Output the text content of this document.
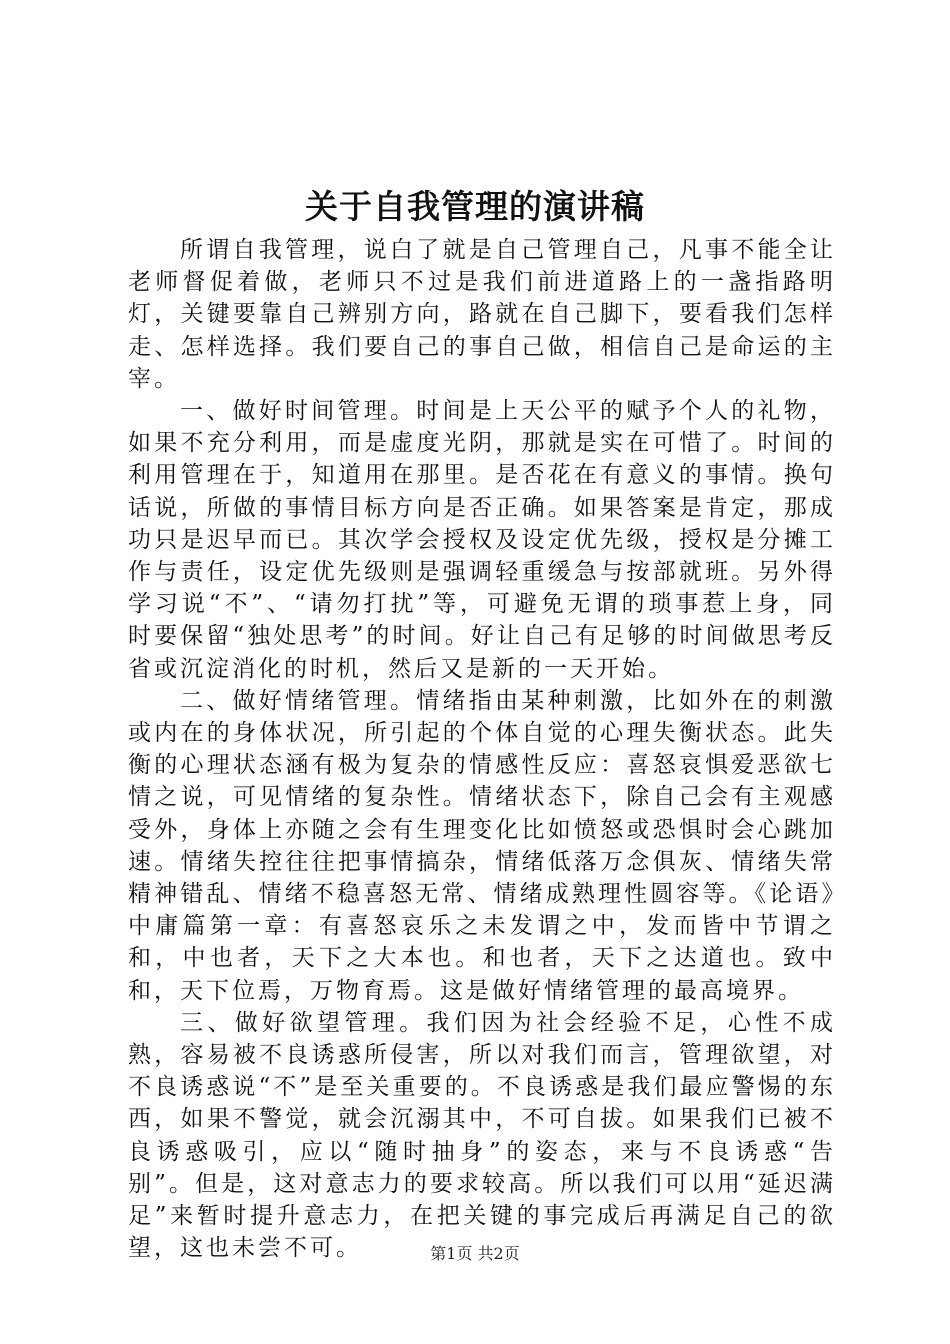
关于自我管理的演讲稿

所谓自我管理，说白了就是自己管理自己，凡事不能全让老师督促着做，老师只不过是我们前进道路上的一盏指路明灯，关键要靠自己辨别方向，路就在自己脚下，要看我们怎样走、怎样选择。我们要自己的事自己做，相信自己是命运的主宰。

一、做好时间管理。时间是上天公平的赋予个人的礼物，如果不充分利用，而是虚度光阴，那就是实在可惜了。时间的利用管理在于，知道用在那里。是否花在有意义的事情。换句话说，所做的事情目标方向是否正确。如果答案是肯定，那成功只是迟早而已。其次学会授权及设定优先级，授权是分摊工作与责任，设定优先级则是强调轻重缓急与按部就班。另外得学习说“不”、“请勿打扰”等，可避免无谓的琐事惹上身，同时要保留“独处思考”的时间。好让自己有足够的时间做思考反省或沉淀消化的时机，然后又是新的一天开始。

二、做好情绪管理。情绪指由某种刺激，比如外在的刺激或内在的身体状况，所引起的个体自觉的心理失衡状态。此失衡的心理状态涵有极为复杂的情感性反应：喜怒哀惧爱恶欲七情之说，可见情绪的复杂性。情绪状态下，除自己会有主观感受外，身体上亦随之会有生理变化比如愤怒或恐惧时会心跳加速。情绪失控往往把事情搞杂，情绪低落万念俱灰、情绪失常精神错乱、情绪不稳喜怒无常、情绪成熟理性圆容等。《论语》中庸篇第一章：有喜怒哀乐之未发谓之中，发而皆中节谓之和，中也者，天下之大本也。和也者，天下之达道也。致中和，天下位焉，万物育焉。这是做好情绪管理的最高境界。

三、做好欲望管理。我们因为社会经验不足，心性不成熟，容易被不良诱惑所侵害，所以对我们而言，管理欲望，对不良诱惑说“不”是至关重要的。不良诱惑是我们最应警惕的东西，如果不警觉，就会沉溺其中，不可自拔。如果我们已被不良诱惑吸引，应以“随时抽身”的姿态，来与不良诱惑“告别”。但是，这对意志力的要求较高。所以我们可以用“延迟满足”来暂时提升意志力，在把关键的事完成后再满足自己的欲望，这也未尝不可。	第1页 共2页
